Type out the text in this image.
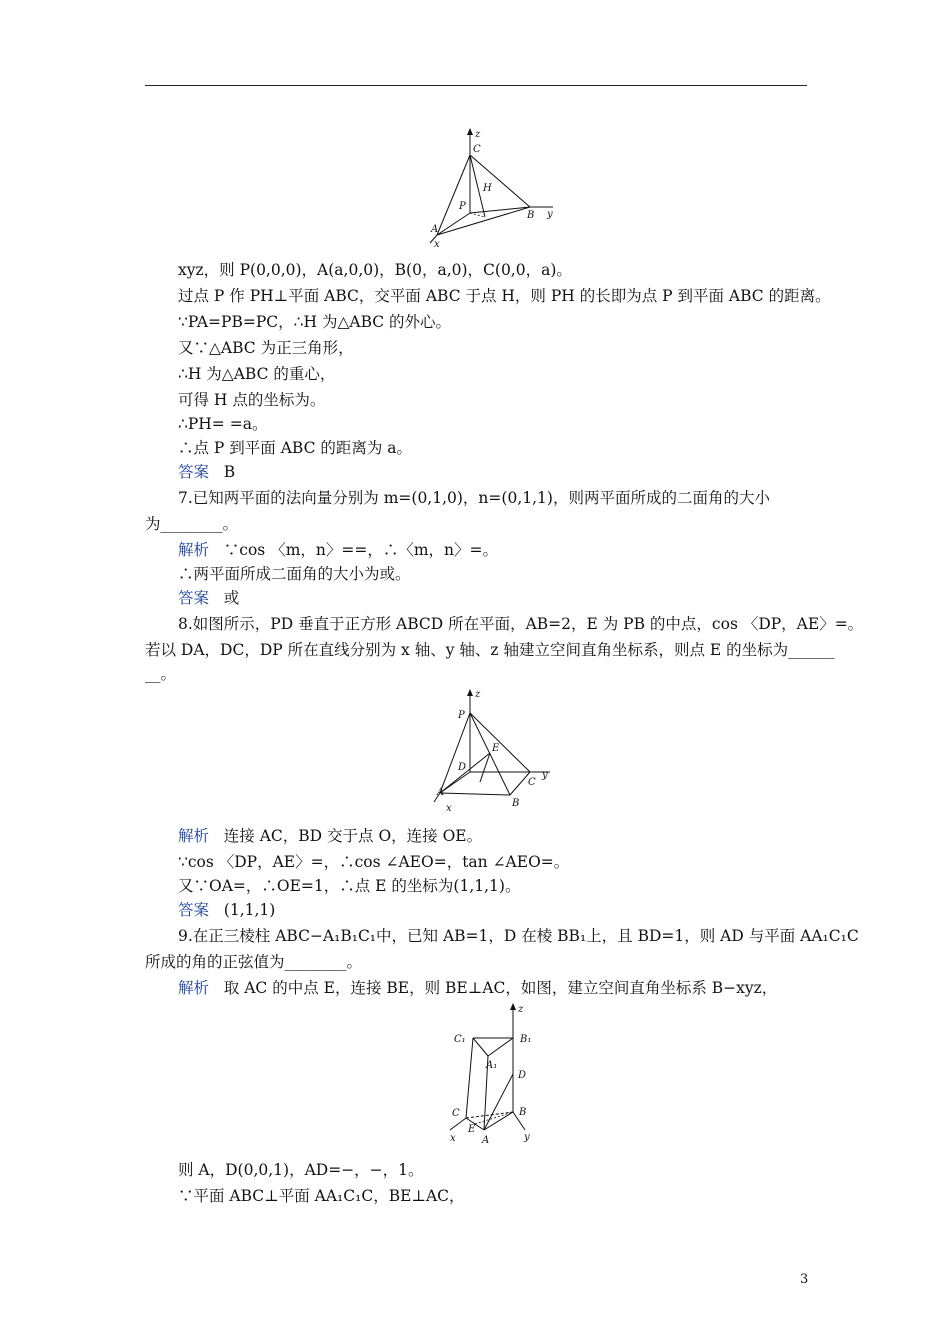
z
C
H
P
B y
A
x
z
P
E
D
C
y
A
B
x
z
C₁	B₁
A₁
D
C	B
E
A
x	y
xyz，则 P(0,0,0)，A(a,0,0)，B(0，a,0)，C(0,0，a)。
过点 P 作 PH⊥平面 ABC，交平面 ABC 于点 H，则 PH 的长即为点 P 到平面 ABC 的距离。
∵PA=PB=PC，∴H 为△ABC 的外心。
又∵△ABC 为正三角形，
∴H 为△ABC 的重心，
可得 H 点的坐标为。
∴PH= =a。
∴点 P 到平面 ABC 的距离为 a。
答案 B
7.已知两平面的法向量分别为 m=(0,1,0)，n=(0,1,1)，则两平面所成的二面角的大小
为________。
解析 ∵cos 〈m，n〉==，∴〈m，n〉=。
∴两平面所成二面角的大小为或。
答案 或
8.如图所示，PD 垂直于正方形 ABCD 所在平面，AB=2，E 为 PB 的中点，cos 〈DP，AE〉=。
若以 DA，DC，DP 所在直线分别为 x 轴、y 轴、z 轴建立空间直角坐标系，则点 E 的坐标为______
__。
解析 连接 AC，BD 交于点 O，连接 OE。
∵cos 〈DP，AE〉=，∴cos ∠AEO=，tan ∠AEO=。
又∵OA=，∴OE=1，∴点 E 的坐标为(1,1,1)。
答案 (1,1,1)
9.在正三棱柱 ABC−A₁B₁C₁中，已知 AB=1，D 在棱 BB₁上，且 BD=1，则 AD 与平面 AA₁C₁C
所成的角的正弦值为________。
解析 取 AC 的中点 E，连接 BE，则 BE⊥AC，如图，建立空间直角坐标系 B−xyz，
则 A，D(0,0,1)，AD=−，−，1。
∵平面 ABC⊥平面 AA₁C₁C，BE⊥AC，
3
